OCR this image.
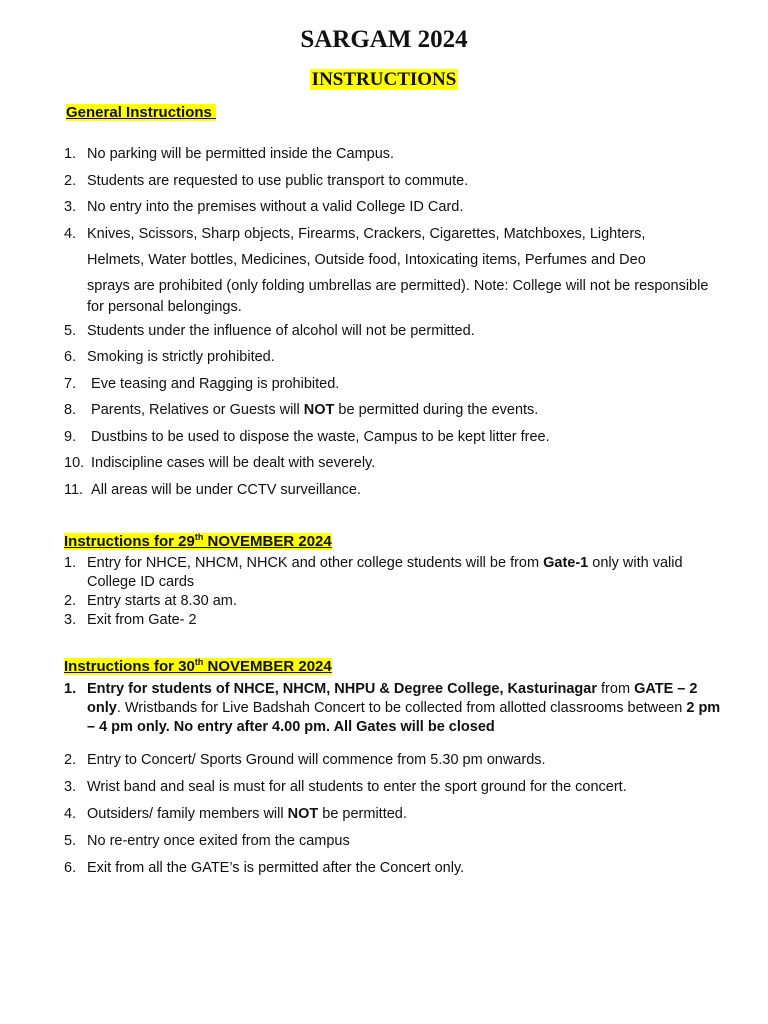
SARGAM 2024
INSTRUCTIONS
General Instructions
1. No parking will be permitted inside the Campus.
2. Students are requested to use public transport to commute.
3. No entry into the premises without a valid College ID Card.
4. Knives, Scissors, Sharp objects, Firearms, Crackers, Cigarettes, Matchboxes, Lighters,
Helmets, Water bottles, Medicines, Outside food, Intoxicating items, Perfumes and Deo
sprays are prohibited (only folding umbrellas are permitted). Note: College will not be responsible for personal belongings.
5. Students under the influence of alcohol will not be permitted.
6. Smoking is strictly prohibited.
7. Eve teasing and Ragging is prohibited.
8. Parents, Relatives or Guests will NOT be permitted during the events.
9. Dustbins to be used to dispose the waste, Campus to be kept litter free.
10. Indiscipline cases will be dealt with severely.
11. All areas will be under CCTV surveillance.
Instructions for 29th NOVEMBER 2024
1. Entry for NHCE, NHCM, NHCK and other college students will be from Gate-1 only with valid College ID cards
2. Entry starts at 8.30 am.
3. Exit from Gate- 2
Instructions for 30th NOVEMBER 2024
1. Entry for students of NHCE, NHCM, NHPU & Degree College, Kasturinagar from GATE – 2 only. Wristbands for Live Badshah Concert to be collected from allotted classrooms between 2 pm – 4 pm only. No entry after 4.00 pm. All Gates will be closed
2. Entry to Concert/ Sports Ground will commence from 5.30 pm onwards.
3. Wrist band and seal is must for all students to enter the sport ground for the concert.
4. Outsiders/ family members will NOT be permitted.
5. No re-entry once exited from the campus
6. Exit from all the GATE’s is permitted after the Concert only.
